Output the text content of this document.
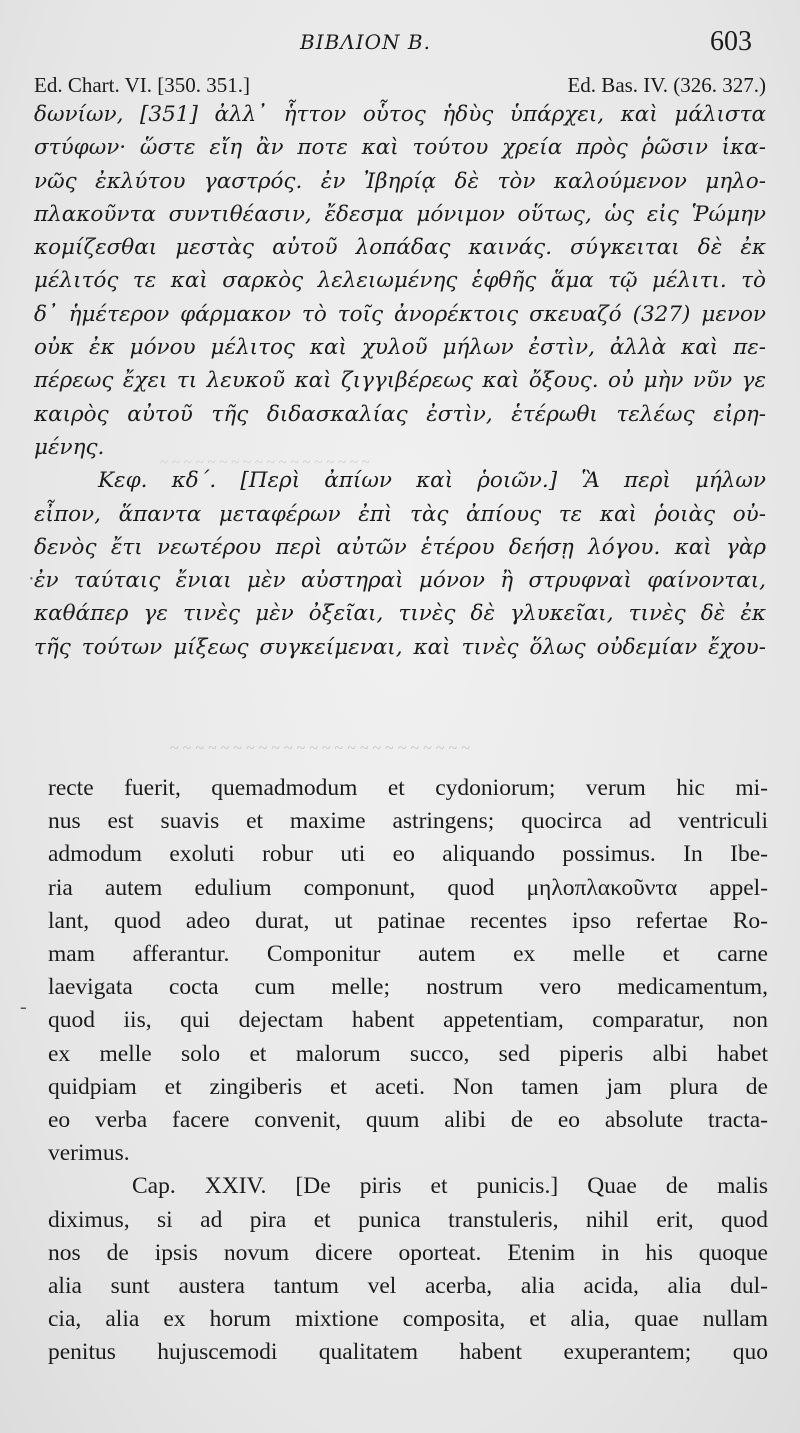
ΒΙΒΛΙΟΝ Β.	603
Ed. Chart. VI. [350. 351.]	Ed. Bas. IV. (326. 327.)
~ ~ ~ ~ ~ ~ ~ ~ ~ ~ ~ ~ ~ ~ ~ ~ ~ ~
δωνίων, [351] ἀλλ᾽ ἧττον οὗτος ἡδὺς ὑπάρχει, καὶ μάλιστα
στύφων· ὥστε εἴη ἂν ποτε καὶ τούτου χρεία πρὸς ῥῶσιν ἱκα-
νῶς ἐκλύτου γαστρός. ἐν Ἰβηρίᾳ δὲ τὸν καλούμενον μηλο-
πλακοῦντα συντιθέασιν, ἔδεσμα μόνιμον οὕτως, ὡς εἰς Ῥώμην
κομίζεσθαι μεστὰς αὐτοῦ λοπάδας καινάς. σύγκειται δὲ ἐκ
μέλιτός τε καὶ σαρκὸς λελειωμένης ἑφθῆς ἅμα τῷ μέλιτι. τὸ
δ᾽ ἡμέτερον φάρμακον τὸ τοῖς ἀνορέκτοις σκευαζό (327) μενον
οὐκ ἐκ μόνου μέλιτος καὶ χυλοῦ μήλων ἐστὶν, ἀλλὰ καὶ πε-
πέρεως ἔχει τι λευκοῦ καὶ ζιγγιβέρεως καὶ ὄξους. οὐ μὴν νῦν γε
καιρὸς αὐτοῦ τῆς διδασκαλίας ἐστὶν, ἑτέρωθι τελέως εἰρη-
μένης.
Κεφ. κδ΄. [Περὶ ἀπίων καὶ ῥοιῶν.] Ἃ περὶ μήλων
εἶπον, ἅπαντα μεταφέρων ἐπὶ τὰς ἀπίους τε καὶ ῥοιὰς οὐ-
δενὸς ἔτι νεωτέρου περὶ αὐτῶν ἑτέρου δεήσῃ λόγου. καὶ γὰρ
ἐν ταύταις ἔνιαι μὲν αὐστηραὶ μόνον ἢ στρυφναὶ φαίνονται,
καθάπερ γε τινὲς μὲν ὀξεῖαι, τινὲς δὲ γλυκεῖαι, τινὲς δὲ ἐκ
τῆς τούτων μίξεως συγκείμεναι, καὶ τινὲς ὅλως οὐδεμίαν ἔχου-
~ ~ ~ ~ ~ ~ ~ ~ ~ ~ ~ ~ ~ ~ ~ ~ ~ ~ ~ ~ ~ ~ ~ ~
recte fuerit, quemadmodum et cydoniorum; verum hic mi-
nus est suavis et maxime astringens; quocirca ad ventriculi
admodum exoluti robur uti eo aliquando possimus. In Ibe-
ria autem edulium componunt, quod μηλοπλακοῦντα appel-
lant, quod adeo durat, ut patinae recentes ipso refertae Ro-
mam afferantur. Componitur autem ex melle et carne
laevigata cocta cum melle; nostrum vero medicamentum,
quod iis, qui dejectam habent appetentiam, comparatur, non
ex melle solo et malorum succo, sed piperis albi habet
quidpiam et zingiberis et aceti. Non tamen jam plura de
eo verba facere convenit, quum alibi de eo absolute tracta-
verimus.
Cap. XXIV. [De piris et punicis.] Quae de malis
diximus, si ad pira et punica transtuleris, nihil erit, quod
nos de ipsis novum dicere oporteat. Etenim in his quoque
alia sunt austera tantum vel acerba, alia acida, alia dul-
cia, alia ex horum mixtione composita, et alia, quae nullam
penitus hujuscemodi qualitatem habent exuperantem; quo
-
·
